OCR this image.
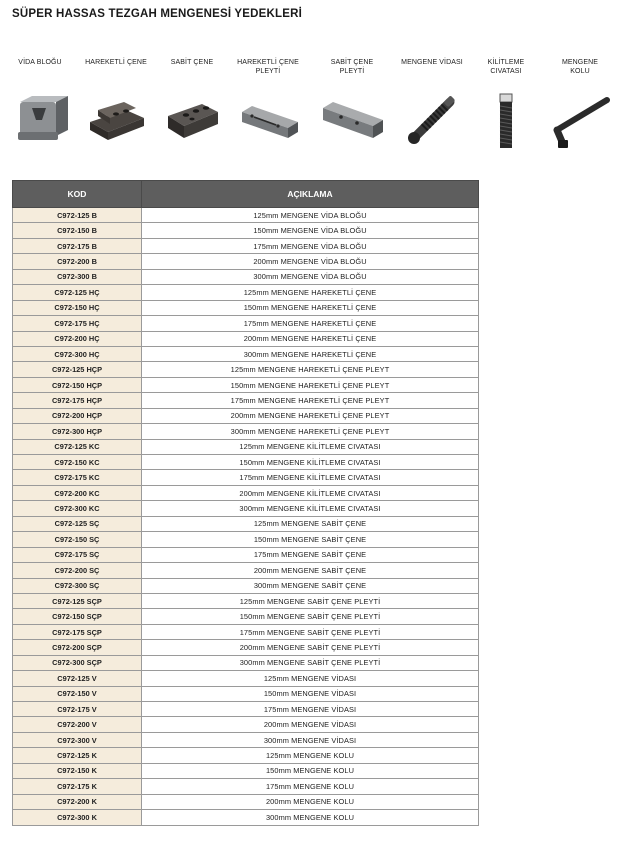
SÜPER HASSAS TEZGAH MENGENESİ YEDEKLERİ
VİDA BLOĞU	HAREKETLİ ÇENE	SABİT ÇENE	HAREKETLİ ÇENE
PLEYTİ
SABİT ÇENE
PLEYTİ
MENGENE VİDASI	KİLİTLEME
CIVATASI
MENGENE
KOLU
KOD	AÇIKLAMA
C972-125 B	125mm MENGENE VİDA BLOĞU
C972-150 B	150mm MENGENE VİDA BLOĞU
C972-175 B	175mm MENGENE VİDA BLOĞU
C972-200 B	200mm MENGENE VİDA BLOĞU
C972-300 B	300mm MENGENE VİDA BLOĞU
C972-125 HÇ	125mm MENGENE HAREKETLİ ÇENE
C972-150 HÇ	150mm MENGENE HAREKETLİ ÇENE
C972-175 HÇ	175mm MENGENE HAREKETLİ ÇENE
C972-200 HÇ	200mm MENGENE HAREKETLİ ÇENE
C972-300 HÇ	300mm MENGENE HAREKETLİ ÇENE
C972-125 HÇP	125mm MENGENE HAREKETLİ ÇENE PLEYT
C972-150 HÇP	150mm MENGENE HAREKETLİ ÇENE PLEYT
C972-175 HÇP	175mm MENGENE HAREKETLİ ÇENE PLEYT
C972-200 HÇP	200mm MENGENE HAREKETLİ ÇENE PLEYT
C972-300 HÇP	300mm MENGENE HAREKETLİ ÇENE PLEYT
C972-125 KC	125mm MENGENE KİLİTLEME CIVATASI
C972-150 KC	150mm MENGENE KİLİTLEME CIVATASI
C972-175 KC	175mm MENGENE KİLİTLEME CIVATASI
C972-200 KC	200mm MENGENE KİLİTLEME CIVATASI
C972-300 KC	300mm MENGENE KİLİTLEME CIVATASI
C972-125 SÇ	125mm MENGENE SABİT ÇENE
C972-150 SÇ	150mm MENGENE SABİT ÇENE
C972-175 SÇ	175mm MENGENE SABİT ÇENE
C972-200 SÇ	200mm MENGENE SABİT ÇENE
C972-300 SÇ	300mm MENGENE SABİT ÇENE
C972-125 SÇP	125mm MENGENE SABİT ÇENE PLEYTİ
C972-150 SÇP	150mm MENGENE SABİT ÇENE PLEYTİ
C972-175 SÇP	175mm MENGENE SABİT ÇENE PLEYTİ
C972-200 SÇP	200mm MENGENE SABİT ÇENE PLEYTİ
C972-300 SÇP	300mm MENGENE SABİT ÇENE PLEYTİ
C972-125 V	125mm MENGENE VİDASI
C972-150 V	150mm MENGENE VİDASI
C972-175 V	175mm MENGENE VİDASI
C972-200 V	200mm MENGENE VİDASI
C972-300 V	300mm MENGENE VİDASI
C972-125 K	125mm MENGENE KOLU
C972-150 K	150mm MENGENE KOLU
C972-175 K	175mm MENGENE KOLU
C972-200 K	200mm MENGENE KOLU
C972-300 K	300mm MENGENE KOLU
